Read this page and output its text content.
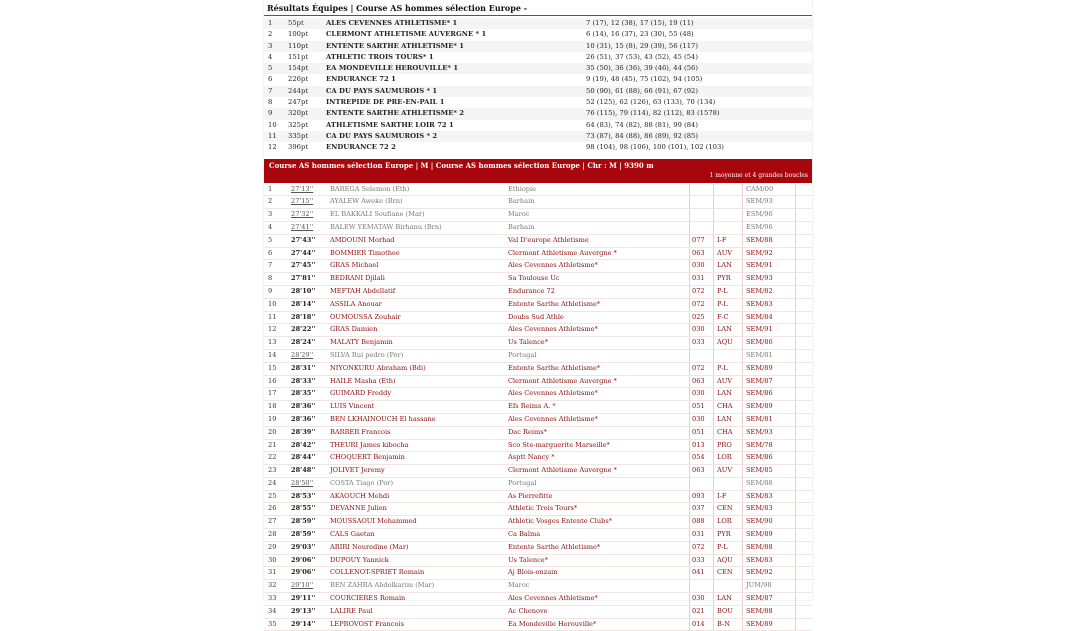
Résultats Équipes | Course AS hommes sélection Europe -
1 55pt	ALES CEVENNES ATHLETISME* 1	7 (17), 12 (38), 17 (15), 19 (11)
2 100pt	CLERMONT ATHLETISME AUVERGNE * 1	6 (14), 16 (37), 23 (30), 55 (48)
3 110pt	ENTENTE SARTHE ATHLETISME* 1	10 (31), 15 (8), 29 (39), 56 (117)
4 151pt	ATHLETIC TROIS TOURS* 1	26 (51), 37 (53), 43 (52), 45 (54)
5 154pt	EA MONDEVILLE HEROUVILLE* 1	35 (50), 36 (36), 39 (46), 44 (56)
6 226pt	ENDURANCE 72 1	9 (19), 48 (45), 75 (102), 94 (105)
7 244pt	CA DU PAYS SAUMUROIS * 1	50 (90), 61 (88), 66 (91), 67 (92)
8 247pt	INTREPIDE DE PRE-EN-PAIL 1	52 (125), 62 (126), 63 (133), 70 (134)
9 320pt	ENTENTE SARTHE ATHLETISME* 2	76 (115), 79 (114), 82 (112), 83 (1578)
10 325pt	ATHLETISME SARTHE LOIR 72 1	64 (83), 74 (82), 88 (81), 99 (84)
11 335pt	CA DU PAYS SAUMUROIS * 2	73 (87), 84 (88), 86 (89), 92 (85)
12 396pt	ENDURANCE 72 2	98 (104), 98 (106), 100 (101), 102 (103)
Course AS hommes sélection Europe | M | Course AS hommes sélection Europe | Chr : M | 9390 m
1 moyenne et 4 grandes boucles
1	27'13''	BAREGA Selemon (Eth)	Ethiopie	CAM/00
2	27'15''	AYALEW Aweke (Brn)	Barhain	SEM/93
3	27'32''	EL BAKKALI Soufiane (Mar)	Maroc	ESM/96
4	27'41''	BALEW YEMATAW Birhanu (Brn)	Barhain	ESM/96
5	27'43'' AMDOUNI Morhad	Val D'europe Athletisme	077 I-F	SEM/88
6	27'44'' BOMMIER Timothee	Clermont Athletisme Auvergne *	063 AUV SEM/92
7	27'45'' GRAS Michael	Ales Cevennes Athletisme*	030 LAN SEM/91
8	27'81'' BEDRANI Djilali	Sa Toulouse Uc	031 PYR SEM/93
9	28'10'' MEFTAH Abdellatif	Endurance 72	072 P-L	SEM/82
10 28'14'' ASSILA Anouar	Entente Sarthe Athletisme*	072 P-L	SEM/83
11 28'18'' OUMOUSSA Zouhair	Doubs Sud Athle	025 F-C	SEM/84
12 28'22'' GRAS Damien	Ales Cevennes Athletisme*	030 LAN SEM/91
13 28'24'' MALATY Benjamin	Us Talence*	033 AQU SEM/86
14 28'29''	SILVA Rui pedro (Por)	Portugal	SEM/81
15 28'31'' NIYONKURU Abraham (Bdi)	Entente Sarthe Athletisme*	072 P-L	SEM/89
16 28'33'' HAILE Masha (Eth)	Clermont Athletisme Auvergne *	063 AUV SEM/87
17 28'35'' GUIMARD Freddy	Ales Cevennes Athletisme*	030 LAN SEM/86
18 28'36'' LUIS Vincent	Efs Reims A. *	051 CHA SEM/89
19 28'36'' BEN LKHAINOUCH El hassane	Ales Cevennes Athletisme*	030 LAN SEM/81
20 28'39'' BARRER Francois	Dac Reims*	051 CHA SEM/93
21 28'42'' THEURI James kibocha	Sco Ste-marguerite Marseille*	013 PRO SEM/78
22 28'44'' CHOQUERT Benjamin	Asptt Nancy *	054 LOR SEM/86
23 28'48'' JOLIVET Jeremy	Clermont Athletisme Auvergne *	063 AUV SEM/85
24 28'50''	COSTA Tiago (Por)	Portugal	SEM/88
25 28'53'' AKAOUCH Mehdi	As Pierrefitte	093 I-F	SEM/83
26 28'55'' DEVANNE Julien	Athletic Trois Tours*	037 CEN SEM/83
27 28'59'' MOUSSAOUI Mohammed	Athletic Vosges Entente Clubs*	088 LOR SEM/90
28 28'59'' CALS Gaetan	Ca Balma	031 PYR SEM/89
29 29'03'' ARIRI Nouredine (Mar)	Entente Sarthe Athletisme*	072 P-L	SEM/88
30 29'06'' DUPOUY Yannick	Us Talence*	033 AQU SEM/83
31 29'06'' COLLENOT-SPRIET Romain	Aj Blois-onzain	041 CEN SEM/92
32 29'10''	BEN ZAHRA Abdelkarim (Mar)	Maroc	JUM/98
33 29'11'' COURCIERES Romain	Ales Cevennes Athletisme*	030 LAN SEM/87
34 29'13'' LALIRE Paul	Ac Chenove	021 BOU SEM/88
35 29'14'' LEPROVOST Francois	Ea Mondeville Herouville*	014 B-N SEM/89
